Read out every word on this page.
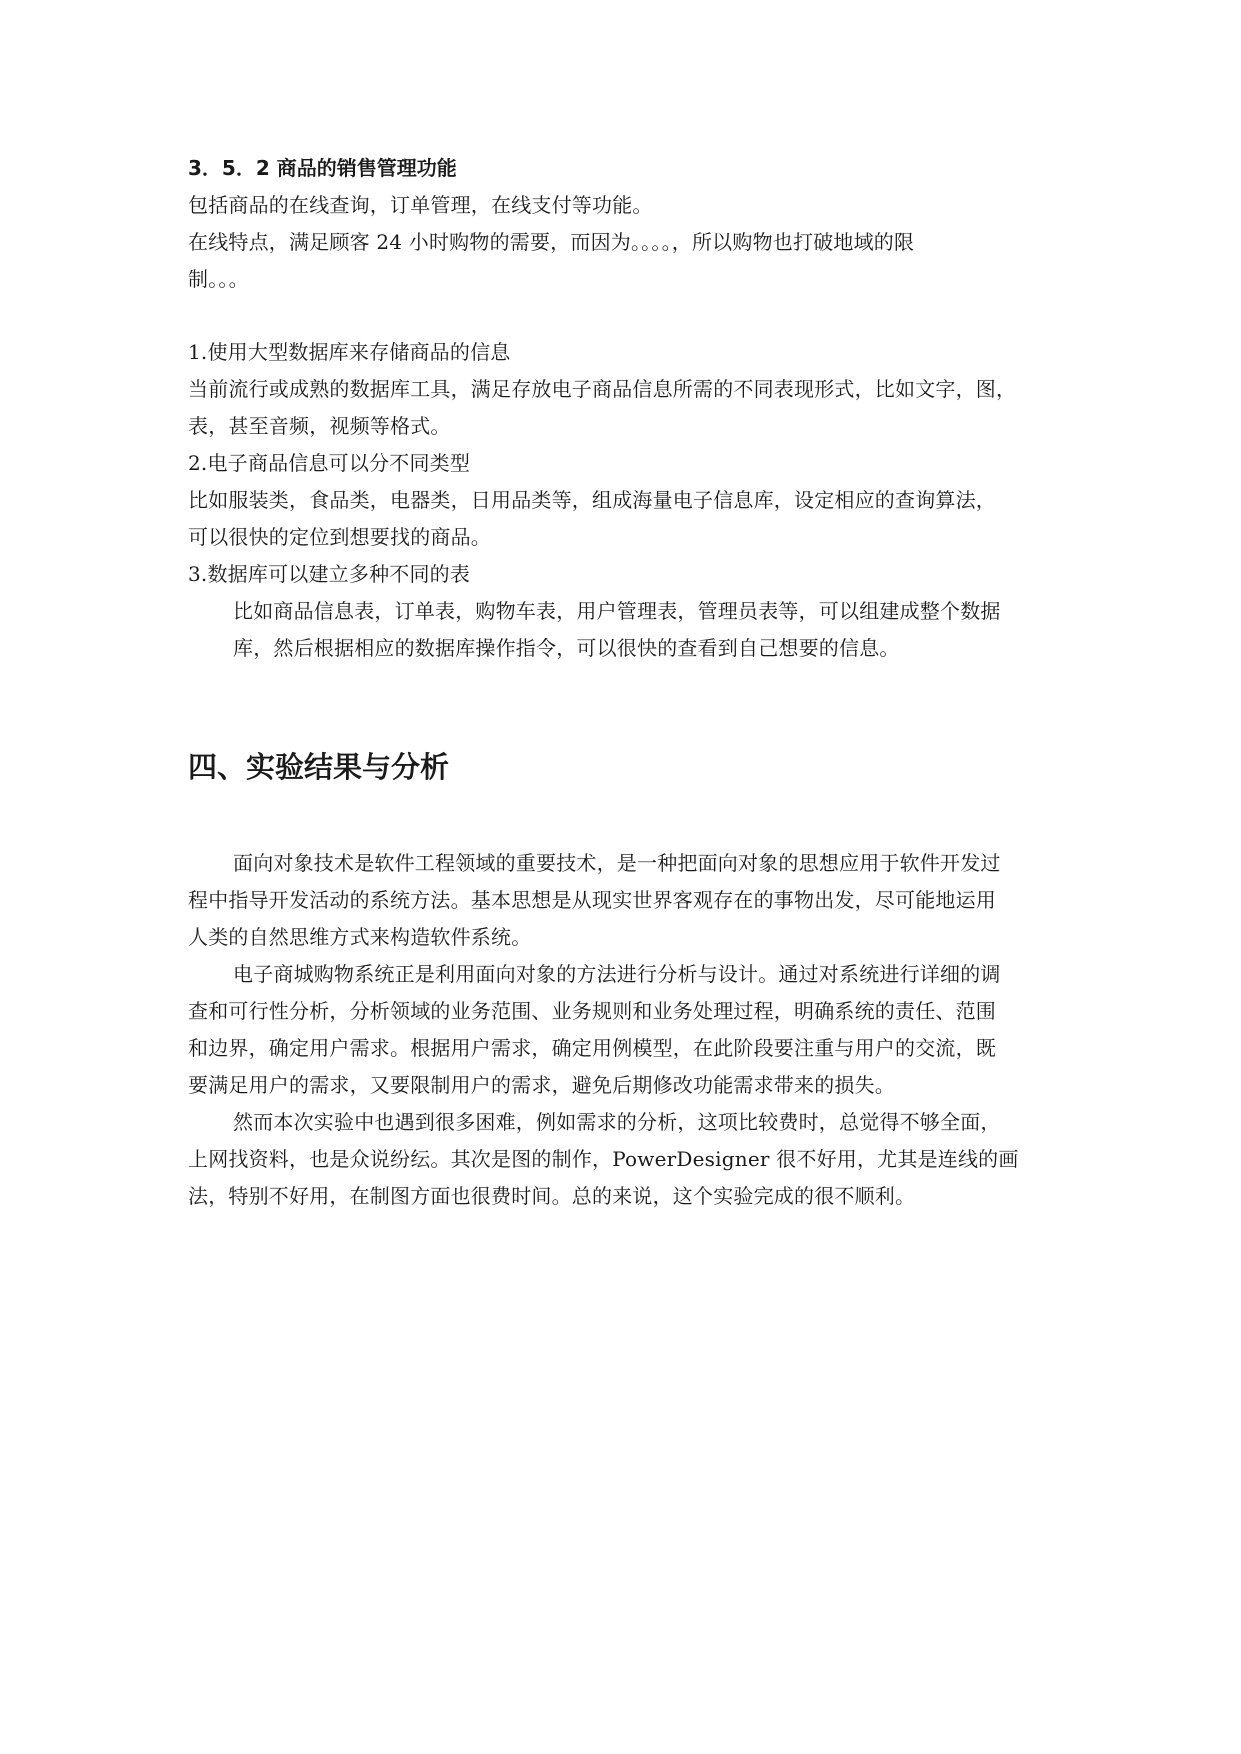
3．5．2 商品的销售管理功能
包括商品的在线查询，订单管理，在线支付等功能。
在线特点，满足顾客 24 小时购物的需要，而因为。。。。，所以购物也打破地域的限
制。。。
1.使用大型数据库来存储商品的信息
当前流行或成熟的数据库工具，满足存放电子商品信息所需的不同表现形式，比如文字，图，
表，甚至音频，视频等格式。
2.电子商品信息可以分不同类型
比如服装类，食品类，电器类，日用品类等，组成海量电子信息库，设定相应的查询算法，
可以很快的定位到想要找的商品。
3.数据库可以建立多种不同的表
比如商品信息表，订单表，购物车表，用户管理表，管理员表等，可以组建成整个数据
库，然后根据相应的数据库操作指令，可以很快的查看到自己想要的信息。
四、实验结果与分析
面向对象技术是软件工程领域的重要技术，是一种把面向对象的思想应用于软件开发过
程中指导开发活动的系统方法。基本思想是从现实世界客观存在的事物出发，尽可能地运用
人类的自然思维方式来构造软件系统。
电子商城购物系统正是利用面向对象的方法进行分析与设计。通过对系统进行详细的调
查和可行性分析，分析领域的业务范围、业务规则和业务处理过程，明确系统的责任、范围
和边界，确定用户需求。根据用户需求，确定用例模型，在此阶段要注重与用户的交流，既
要满足用户的需求，又要限制用户的需求，避免后期修改功能需求带来的损失。
然而本次实验中也遇到很多困难，例如需求的分析，这项比较费时，总觉得不够全面，
上网找资料，也是众说纷纭。其次是图的制作，PowerDesigner 很不好用，尤其是连线的画
法，特别不好用，在制图方面也很费时间。总的来说，这个实验完成的很不顺利。
